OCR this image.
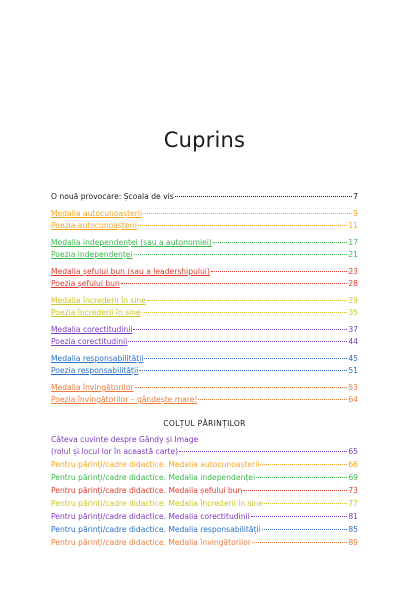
Cuprins
O nouă provocare: Școala de vis	7
Medalia autocunoașterii	9
Poezia autocunoașterii	11
Medalia independenței (sau a autonomiei)	17
Poezia independenței	21
Medalia șefului bun (sau a leadershipului)	23
Poezia șefului bun	28
Medalia încrederii în sine	29
Poezia încrederii în sine	35
Medalia corectitudinii	37
Poezia corectitudinii	44
Medalia responsabilității	45
Poezia responsabilității	51
Medalia învingătorilor	53
Poezia învingătorilor – gândește mare!	64
COLȚUL PĂRINȚILOR
Câteva cuvinte despre Gândy și Image
(rolul și locul lor în această carte)	65
Pentru părinți/cadre didactice. Medalia autocunoașterii	66
Pentru părinți/cadre didactice. Medalia independenței	69
Pentru părinți/cadre didactice. Medalia șefului bun	73
Pentru părinți/cadre didactice. Medalia încrederii în sine	77
Pentru părinți/cadre didactice. Medalia corectitudinii	81
Pentru părinți/cadre didactice. Medalia responsabilității	85
Pentru părinți/cadre didactice. Medalia învingătorilor	89
